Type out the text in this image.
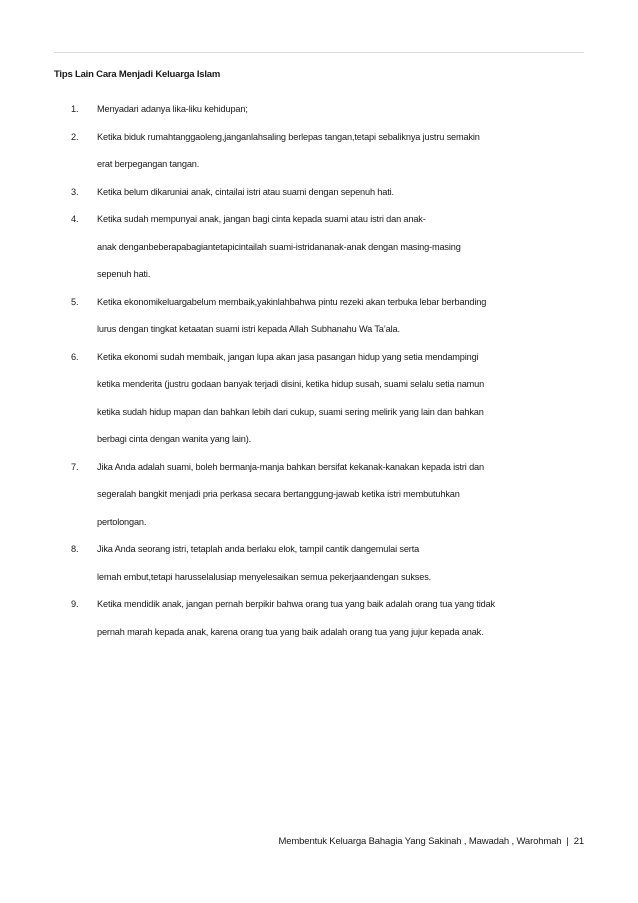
Tips Lain Cara Menjadi Keluarga Islam
1.	Menyadari adanya lika-liku kehidupan;
2.	Ketika biduk rumahtanggaoleng,janganlahsaling berlepas tangan,tetapi sebaliknya justru semakin
erat berpegangan tangan.
3.	Ketika belum dikaruniai anak, cintailai istri atau suami dengan sepenuh hati.
4.	Ketika sudah mempunyai anak, jangan bagi cinta kepada suami atau istri dan anak-
anak denganbeberapabagiantetapicintailah suami-istridananak-anak dengan masing-masing
sepenuh hati.
5.	Ketika ekonomikeluargabelum membaik,yakinlahbahwa pintu rezeki akan terbuka lebar berbanding
lurus dengan tingkat ketaatan suami istri kepada Allah Subhanahu Wa Ta’ala.
6.	Ketika ekonomi sudah membaik, jangan lupa akan jasa pasangan hidup yang setia mendampingi
ketika menderita (justru godaan banyak terjadi disini, ketika hidup susah, suami selalu setia namun
ketika sudah hidup mapan dan bahkan lebih dari cukup, suami sering melirik yang lain dan bahkan
berbagi cinta dengan wanita yang lain).
7.	Jika Anda adalah suami, boleh bermanja-manja bahkan bersifat kekanak-kanakan kepada istri dan
segeralah bangkit menjadi pria perkasa secara bertanggung-jawab ketika istri membutuhkan
pertolongan.
8.	Jika Anda seorang istri, tetaplah anda berlaku elok, tampil cantik dangemulai serta
lemah embut,tetapi harusselalusiap menyelesaikan semua pekerjaandengan sukses.
9.	Ketika mendidik anak, jangan pernah berpikir bahwa orang tua yang baik adalah orang tua yang tidak
pernah marah kepada anak, karena orang tua yang baik adalah orang tua yang jujur kepada anak.
Membentuk Keluarga Bahagia Yang Sakinah , Mawadah , Warohmah | 21
